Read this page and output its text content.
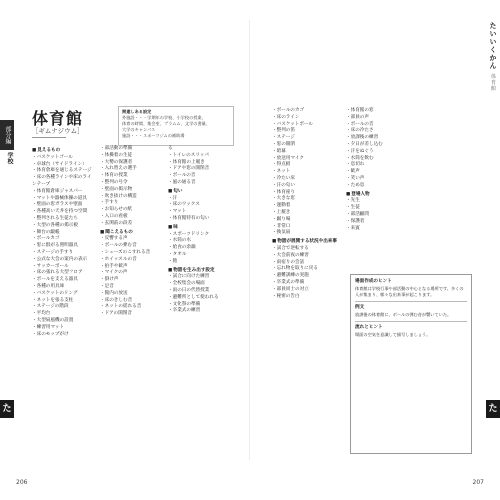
部分編
学校
体育館
［ギムナジウム］
関連しある設定
外施設・・・学期年の学校、小学校の授業、
体育の時間、集会室、プラムム、文学の書量、
大学のキャンパス
施設・・・スポーツジムの補助場
■ 見えるもの
・バスケットゴール
・卓球台（サイドライン）
・体育倉庫を通じるステージ
・床の各種ラインや床のラインテープ
・体育館倉庫ジャスパー
・マットや器械体操の道具
・壁面の窓ガラスや壁面
・各種高い天井を持つ空間
・整列される生徒たち
・大型の各種の掲示板
・舞台の緞帳
・ボールカゴ
・窓に群がる照明器具
・ステージの手すり
・公式な大会の案内の表示
・サッカーボール
・床の張れる大型フロア
・ポールを支える器具
・各種の用具庫
・バスケットのリング
・ネットを張る支柱
・ステージの階段
・平均台
・大型扇風機の設置
・練習用マット
・床のモップがけ
・部活動の準備
・体操着の生徒
・大勢の保護者
・入れ替えの選手
・体育の授業
・整列の号令
・壁面の掲示物
・吹き抜けの構造
・手すり
・お知らせの紙
・入口の看板
・玄関前の段差
■ 聞こえるもの
・反響する声
・ボールの弾む音
・シューズのこすれる音
・ホイッスルの音
・拍手や歓声
・マイクの声
・掛け声
・足音
・館内の放送
・床のきしむ音
・ネットの揺れる音
・ドアの開閉音
る
・トイレのスリッパ
・体育館の上履き
・ドアや窓の開閉音
・ボールの音
・風の通る音
■ 匂い
・汗
・床のワックス
・マット
・体育館特有の匂い
■ 味
・スポーツドリンク
・水筒の水
・給食の余韻
・タオル
・飴
■ 物語を生み出す設定
・試合に向けた練習
・全校集会の場面
・雨の日の代替授業
・避難所として使われる
・文化祭の準備
・卒業式の練習
た
206
たいいくかん 体育館
・ボールのカゴ
・床のライン
・バスケットボール
・整列の笛
・ステージ
・窓の開閉
・暗幕
・放送用マイク
・得点板
・ネット
・冷たい床
・汗の匂い
・体育座り
・大きな窓
・運動着
・上履き
・踊り場
・非常口
・換気扇
■ 物語が展開する状況や出来事
・試合で逆転する
・大会前夜の練習
・雨宿りの会話
・忘れ物を取りに戻る
・避難訓練の実施
・卒業式の準備
・部員同士の対立
・秘密の告白
・体育館の窓
・部員の声
・ボールの音
・床の冷たさ
・放課後の練習
・夕日が差し込む
・汗をぬぐう
・水筒を飲む
・息切れ
・歓声
・笑い声
・ため息
■ 登場人物
・先生
・生徒
・部活顧問
・保護者
・来賓
た
207
場面作成のヒント

体育館は学校行事や部活動の中心となる場所です。多くの人が集まり、様々な出来事が起こります。

例文

放課後の体育館に、ボールの弾む音が響いていた。

流れとヒント

場面の空気を意識して描写しましょう。
